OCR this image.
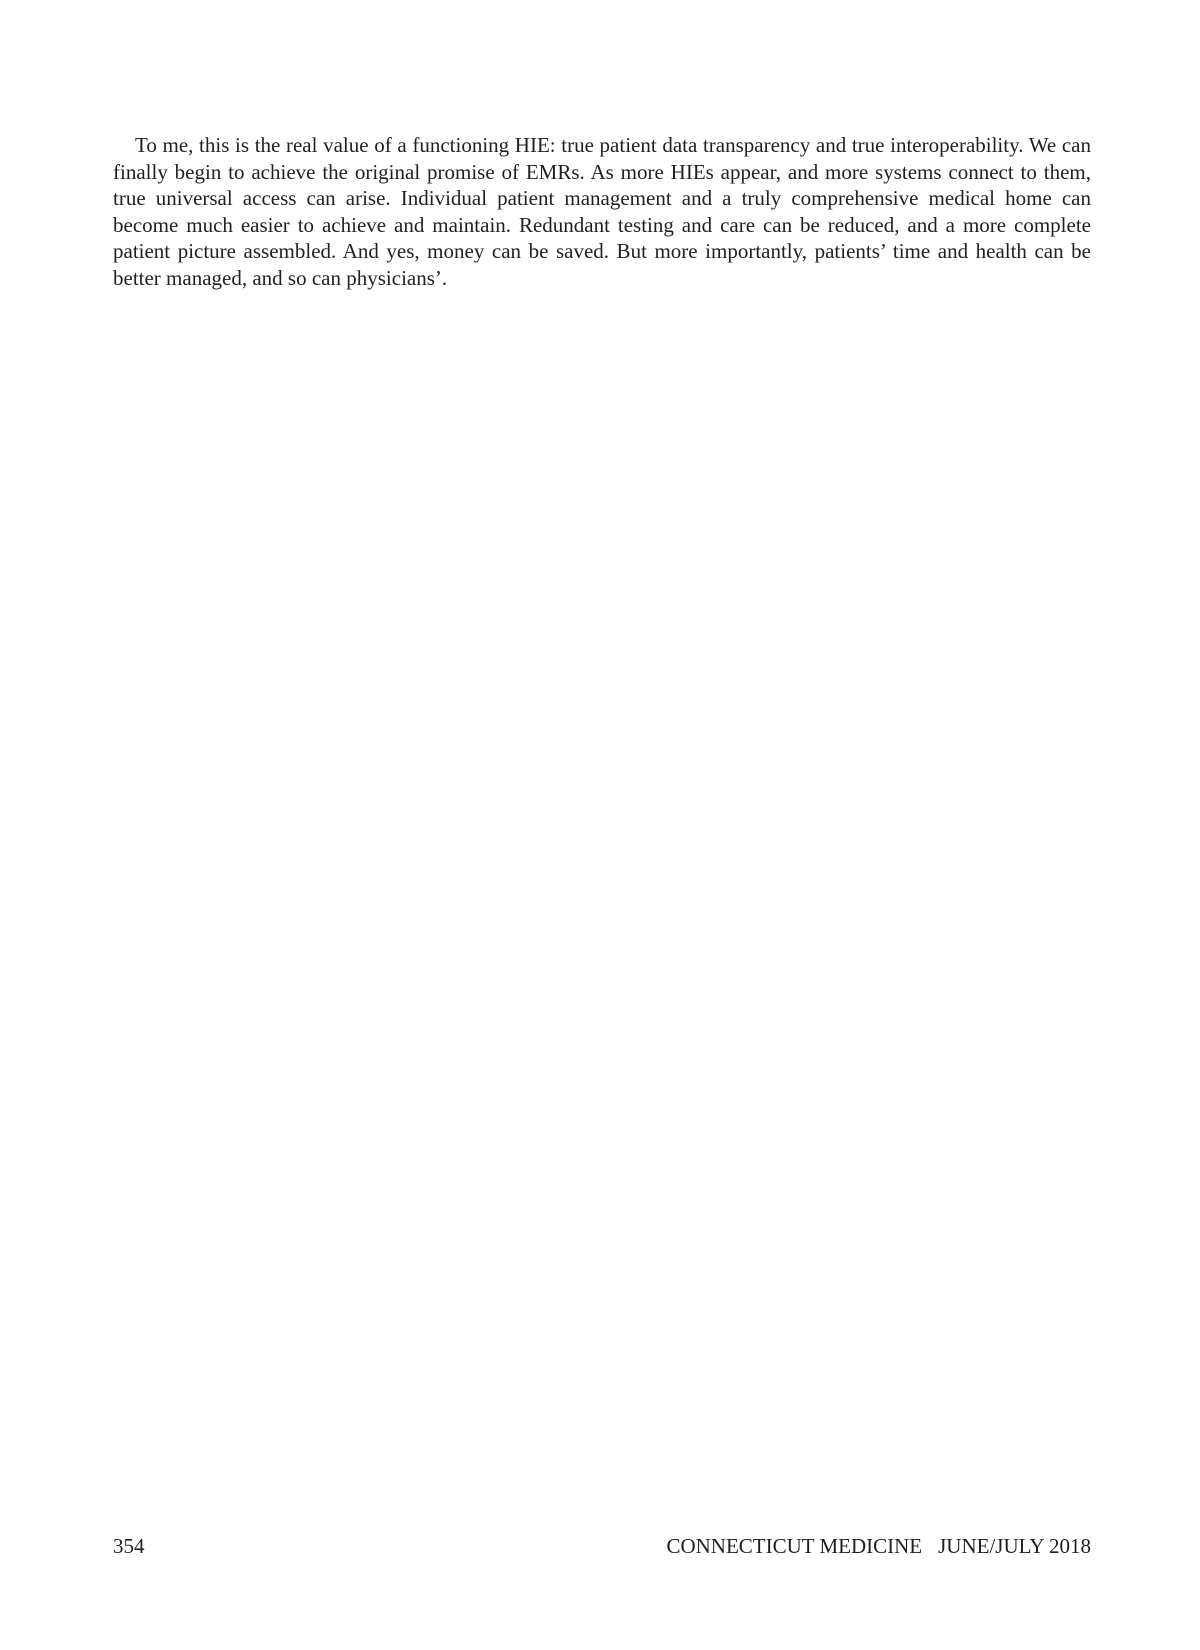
To me, this is the real value of a functioning HIE: true patient data transparency and true interoperability. We can finally begin to achieve the original promise of EMRs. As more HIEs appear, and more systems connect to them, true universal access can arise. Individual patient management and a truly comprehensive medical home can become much easier to achieve and maintain. Redundant testing and care can be reduced, and a more complete patient picture assembled. And yes, money can be saved. But more importantly, patients’ time and health can be better managed, and so can physicians’.

354	CONNECTICUT MEDICINE JUNE/JULY 2018
